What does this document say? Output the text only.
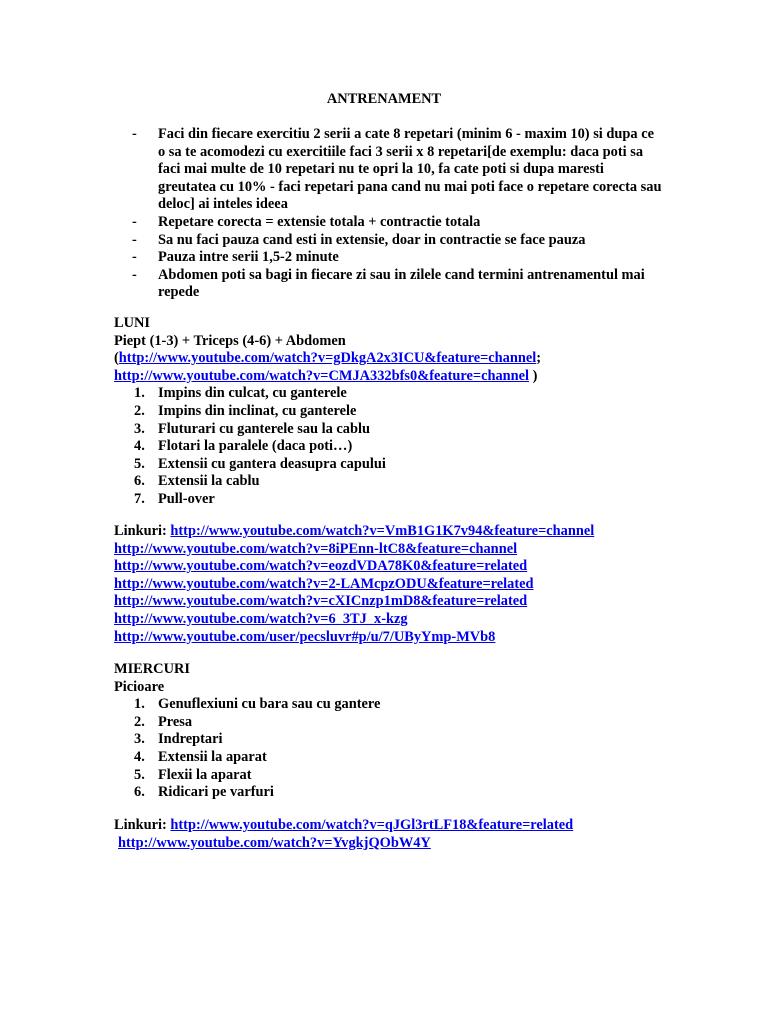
ANTRENAMENT
- Faci din fiecare exercitiu 2 serii a cate 8 repetari (minim 6 - maxim 10) si dupa ce o sa te acomodezi cu exercitiile faci 3 serii x 8 repetari[de exemplu: daca poti sa faci mai multe de 10 repetari nu te opri la 10, fa cate poti si dupa maresti greutatea cu 10% - faci repetari pana cand nu mai poti face o repetare corecta sau deloc] ai inteles ideea
- Repetare corecta = extensie totala + contractie totala
- Sa nu faci pauza cand esti in extensie, doar in contractie se face pauza
- Pauza intre serii 1,5-2 minute
- Abdomen poti sa bagi in fiecare zi sau in zilele cand termini antrenamentul mai repede
LUNI
Piept (1-3) + Triceps (4-6) + Abdomen
(http://www.youtube.com/watch?v=gDkgA2x3ICU&feature=channel;
http://www.youtube.com/watch?v=CMJA332bfs0&feature=channel )
1. Impins din culcat, cu ganterele
2. Impins din inclinat, cu ganterele
3. Fluturari cu ganterele sau la cablu
4. Flotari la paralele (daca poti…)
5. Extensii cu gantera deasupra capului
6. Extensii la cablu
7. Pull-over
Linkuri: http://www.youtube.com/watch?v=VmB1G1K7v94&feature=channel
http://www.youtube.com/watch?v=8iPEnn-ltC8&feature=channel
http://www.youtube.com/watch?v=eozdVDA78K0&feature=related
http://www.youtube.com/watch?v=2-LAMcpzODU&feature=related
http://www.youtube.com/watch?v=cXICnzp1mD8&feature=related
http://www.youtube.com/watch?v=6_3TJ_x-kzg
http://www.youtube.com/user/pecsluvr#p/u/7/UByYmp-MVb8
MIERCURI
Picioare
1. Genuflexiuni cu bara sau cu gantere
2. Presa
3. Indreptari
4. Extensii la aparat
5. Flexii la aparat
6. Ridicari pe varfuri
Linkuri: http://www.youtube.com/watch?v=qJGl3rtLF18&feature=related
http://www.youtube.com/watch?v=YvgkjQObW4Y
